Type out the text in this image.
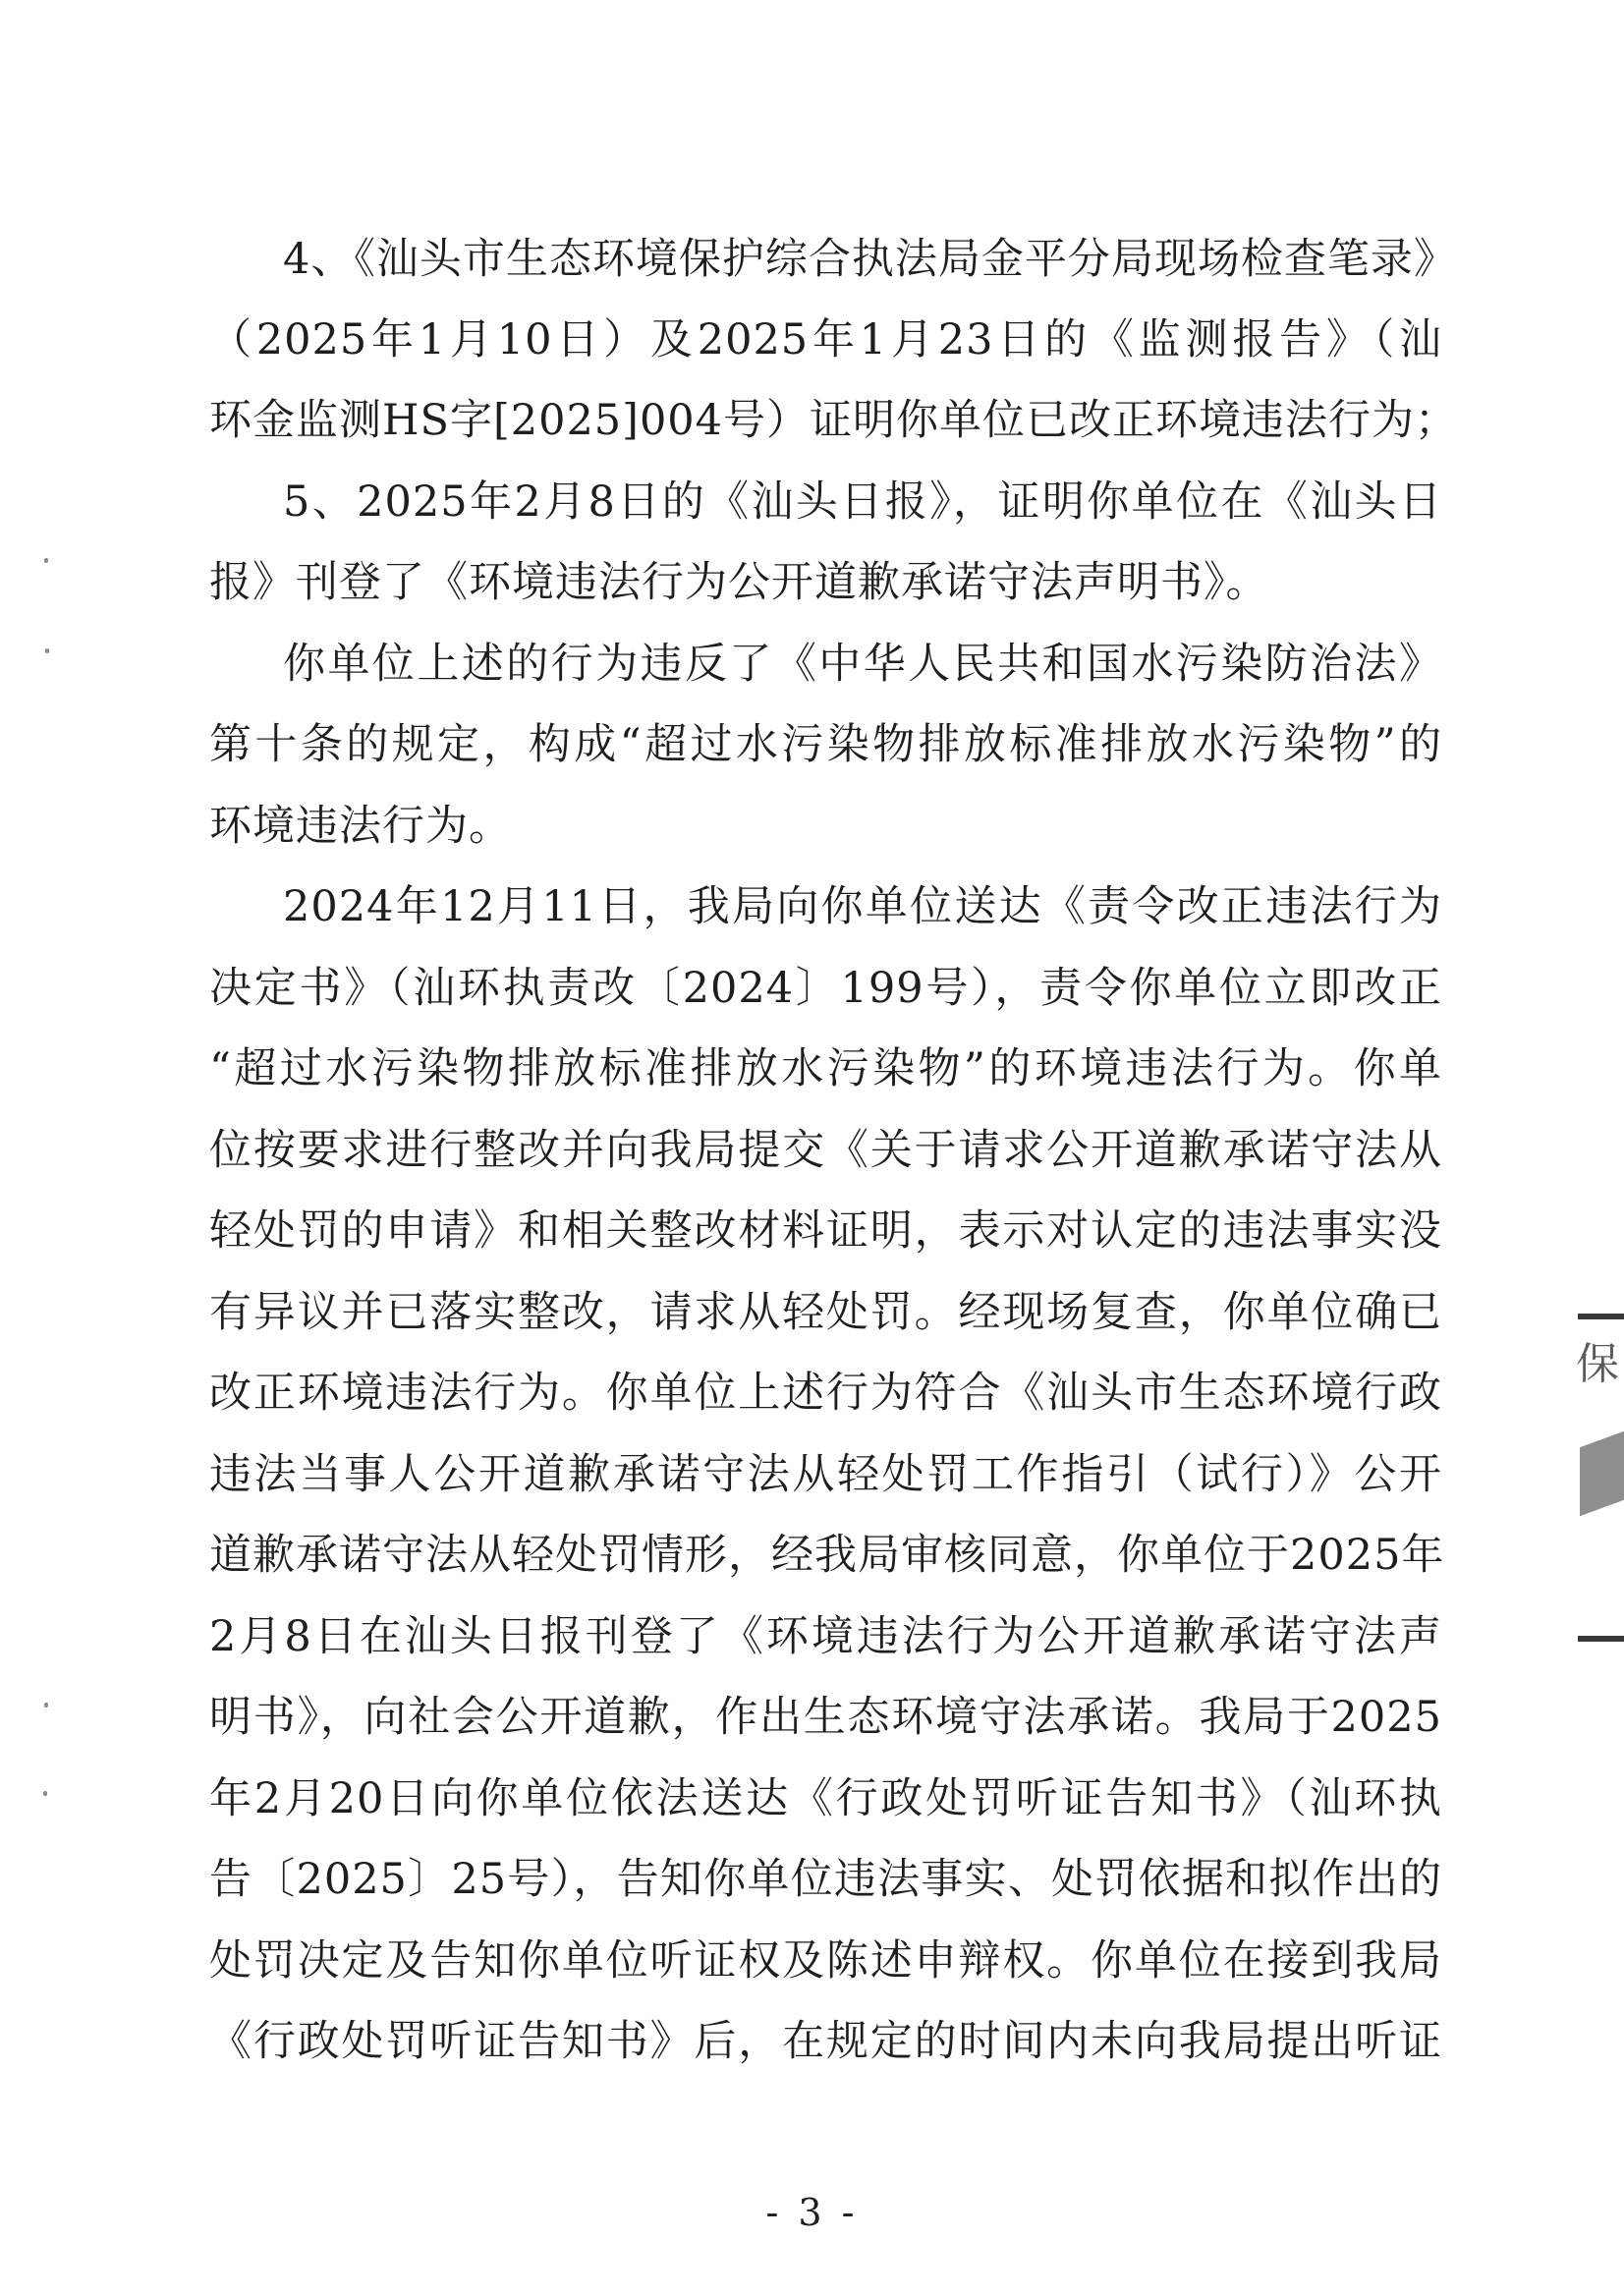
4、《汕头市生态环境保护综合执法局金平分局现场检查笔录》
（2025年1月10日）及2025年1月23日的《监测报告》（汕
环金监测HS字[2025]004号）证明你单位已改正环境违法行为；
5、2025年2月8日的《汕头日报》，证明你单位在《汕头日
报》刊登了《环境违法行为公开道歉承诺守法声明书》。
你单位上述的行为违反了《中华人民共和国水污染防治法》
第十条的规定，构成“超过水污染物排放标准排放水污染物”的
环境违法行为。
2024年12月11日，我局向你单位送达《责令改正违法行为
决定书》（汕环执责改〔2024〕199号），责令你单位立即改正
“超过水污染物排放标准排放水污染物”的环境违法行为。你单
位按要求进行整改并向我局提交《关于请求公开道歉承诺守法从
轻处罚的申请》和相关整改材料证明，表示对认定的违法事实没
有异议并已落实整改，请求从轻处罚。经现场复查，你单位确已
改正环境违法行为。你单位上述行为符合《汕头市生态环境行政
违法当事人公开道歉承诺守法从轻处罚工作指引（试行）》公开
道歉承诺守法从轻处罚情形，经我局审核同意，你单位于2025年
2月8日在汕头日报刊登了《环境违法行为公开道歉承诺守法声
明书》，向社会公开道歉，作出生态环境守法承诺。我局于2025
年2月20日向你单位依法送达《行政处罚听证告知书》（汕环执
告〔2025〕25号），告知你单位违法事实、处罚依据和拟作出的
处罚决定及告知你单位听证权及陈述申辩权。你单位在接到我局
《行政处罚听证告知书》后，在规定的时间内未向我局提出听证
- 3 -
保
